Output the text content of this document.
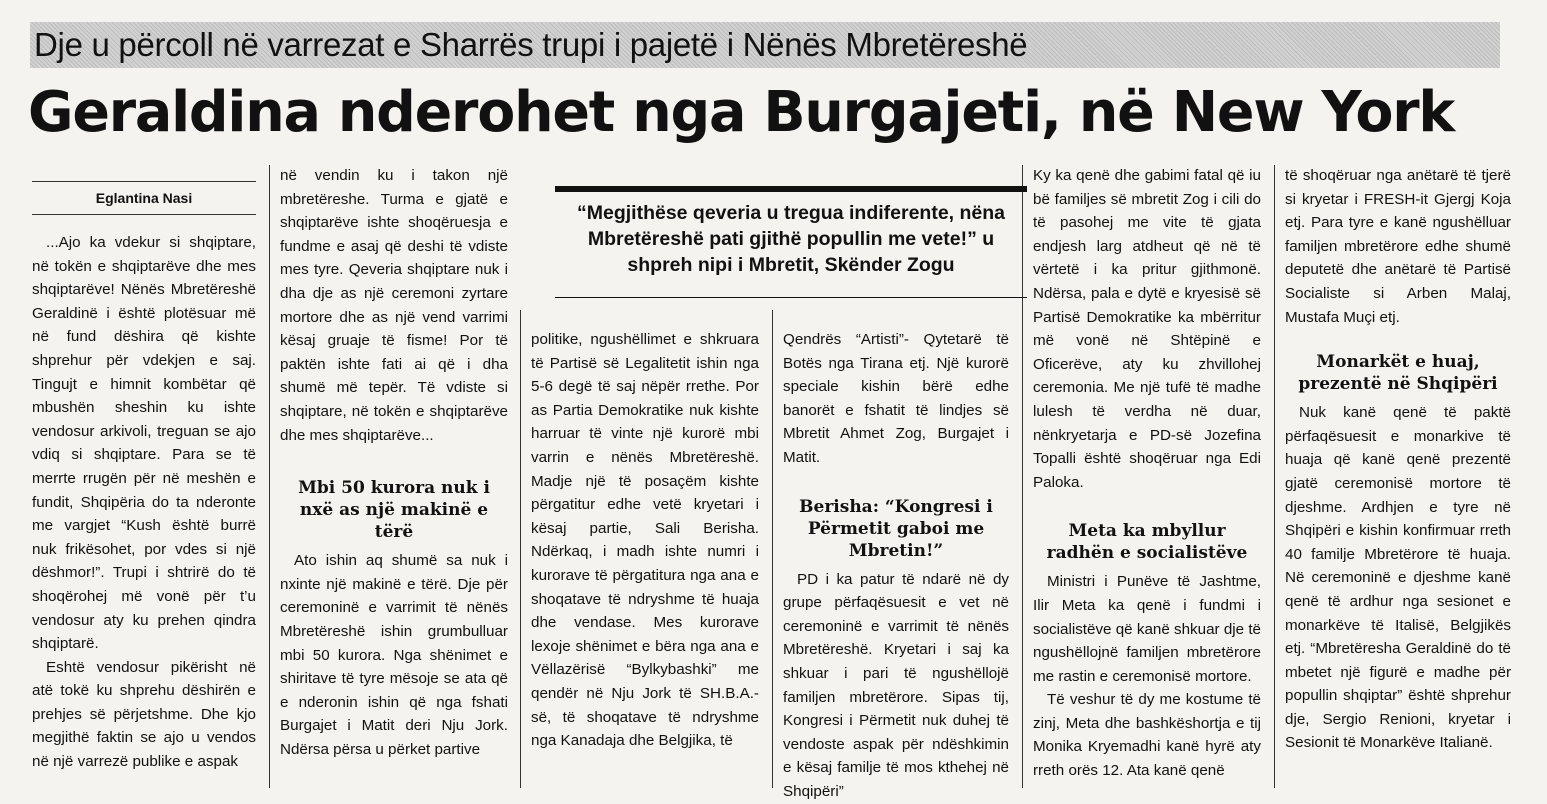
Dje u përcoll në varrezat e Sharrës trupi i pajetë i Nënës Mbretëreshë
Geraldina nderohet nga Burgajeti, në New York
Eglantina Nasi

...Ajo ka vdekur si shqiptare, në tokën e shqiptarëve dhe mes shqiptarëve! Nënës Mbretëreshë Geraldinë i është plotësuar më në fund dëshira që kishte shprehur për vdekjen e saj. Tingujt e himnit kombëtar që mbushën sheshin ku ishte vendosur arkivoli, treguan se ajo vdiq si shqiptare. Para se të merrte rrugën për në meshën e fundit, Shqipëria do ta nderonte me vargjet “Kush është burrë nuk frikësohet, por vdes si një dëshmor!”. Trupi i shtrirë do të shoqërohej më vonë për t’u vendosur aty ku prehen qindra shqiptarë.

Eshtë vendosur pikërisht në atë tokë ku shprehu dëshirën e prehjes së përjetshme. Dhe kjo megjithë faktin se ajo u vendos në një varrezë publike e aspak

në vendin ku i takon një mbretëreshe. Turma e gjatë e shqiptarëve ishte shoqëruesja e fundme e asaj që deshi të vdiste mes tyre. Qeveria shqiptare nuk i dha dje as një ceremoni zyrtare mortore dhe as një vend varrimi kësaj gruaje të fisme! Por të paktën ishte fati ai që i dha shumë më tepër. Të vdiste si shqiptare, në tokën e shqiptarëve dhe mes shqiptarëve...

Mbi 50 kurora nuk i nxë as një makinë e tërë

Ato ishin aq shumë sa nuk i nxinte një makinë e tërë. Dje për ceremoninë e varrimit të nënës Mbretëreshë ishin grumbulluar mbi 50 kurora. Nga shënimet e shiritave të tyre mësoje se ata që e nderonin ishin që nga fshati Burgajet i Matit deri Nju Jork. Ndërsa përsa u përket partive

“Megjithëse qeveria u tregua indiferente, nëna Mbretëreshë pati gjithë popullin me vete!” u shpreh nipi i Mbretit, Skënder Zogu

politike, ngushëllimet e shkruara të Partisë së Legalitetit ishin nga 5-6 degë të saj nëpër rrethe. Por as Partia Demokratike nuk kishte harruar të vinte një kurorë mbi varrin e nënës Mbretëreshë. Madje një të posaçëm kishte përgatitur edhe vetë kryetari i kësaj partie, Sali Berisha. Ndërkaq, i madh ishte numri i kurorave të përgatitura nga ana e shoqatave të ndryshme të huaja dhe vendase. Mes kurorave lexoje shënimet e bëra nga ana e Vëllazërisë “Bylkybashki” me qendër në Nju Jork të SH.B.A.-së, të shoqatave të ndryshme nga Kanadaja dhe Belgjika, të

Qendrës “Artisti”- Qytetarë të Botës nga Tirana etj. Një kurorë speciale kishin bërë edhe banorët e fshatit të lindjes së Mbretit Ahmet Zog, Burgajet i Matit.

Berisha: “Kongresi i Përmetit gaboi me Mbretin!”

PD i ka patur të ndarë në dy grupe përfaqësuesit e vet në ceremoninë e varrimit të nënës Mbretëreshë. Kryetari i saj ka shkuar i pari të ngushëllojë familjen mbretërore. Sipas tij, Kongresi i Përmetit nuk duhej të vendoste aspak për ndëshkimin e kësaj familje të mos kthehej në Shqipëri”

Ky ka qenë dhe gabimi fatal që iu bë familjes së mbretit Zog i cili do të pasohej me vite të gjata endjesh larg atdheut që në të vërtetë i ka pritur gjithmonë. Ndërsa, pala e dytë e kryesisë së Partisë Demokratike ka mbërritur më vonë në Shtëpinë e Oficerëve, aty ku zhvillohej ceremonia. Me një tufë të madhe lulesh të verdha në duar, nënkryetarja e PD-së Jozefina Topalli është shoqëruar nga Edi Paloka.

Meta ka mbyllur radhën e socialistëve

Ministri i Punëve të Jashtme, Ilir Meta ka qenë i fundmi i socialistëve që kanë shkuar dje të ngushëllojnë familjen mbretërore me rastin e ceremonisë mortore.

Të veshur të dy me kostume të zinj, Meta dhe bashkëshortja e tij Monika Kryemadhi kanë hyrë aty rreth orës 12. Ata kanë qenë

të shoqëruar nga anëtarë të tjerë si kryetar i FRESH-it Gjergj Koja etj. Para tyre e kanë ngushëlluar familjen mbretërore edhe shumë deputetë dhe anëtarë të Partisë Socialiste si Arben Malaj, Mustafa Muçi etj.

Monarkët e huaj, prezentë në Shqipëri

Nuk kanë qenë të paktë përfaqësuesit e monarkive të huaja që kanë qenë prezentë gjatë ceremonisë mortore të djeshme. Ardhjen e tyre në Shqipëri e kishin konfirmuar rreth 40 familje Mbretërore të huaja. Në ceremoninë e djeshme kanë qenë të ardhur nga sesionet e monarkëve të Italisë, Belgjikës etj. “Mbretëresha Geraldinë do të mbetet një figurë e madhe për popullin shqiptar” është shprehur dje, Sergio Renioni, kryetar i Sesionit të Monarkëve Italianë.
